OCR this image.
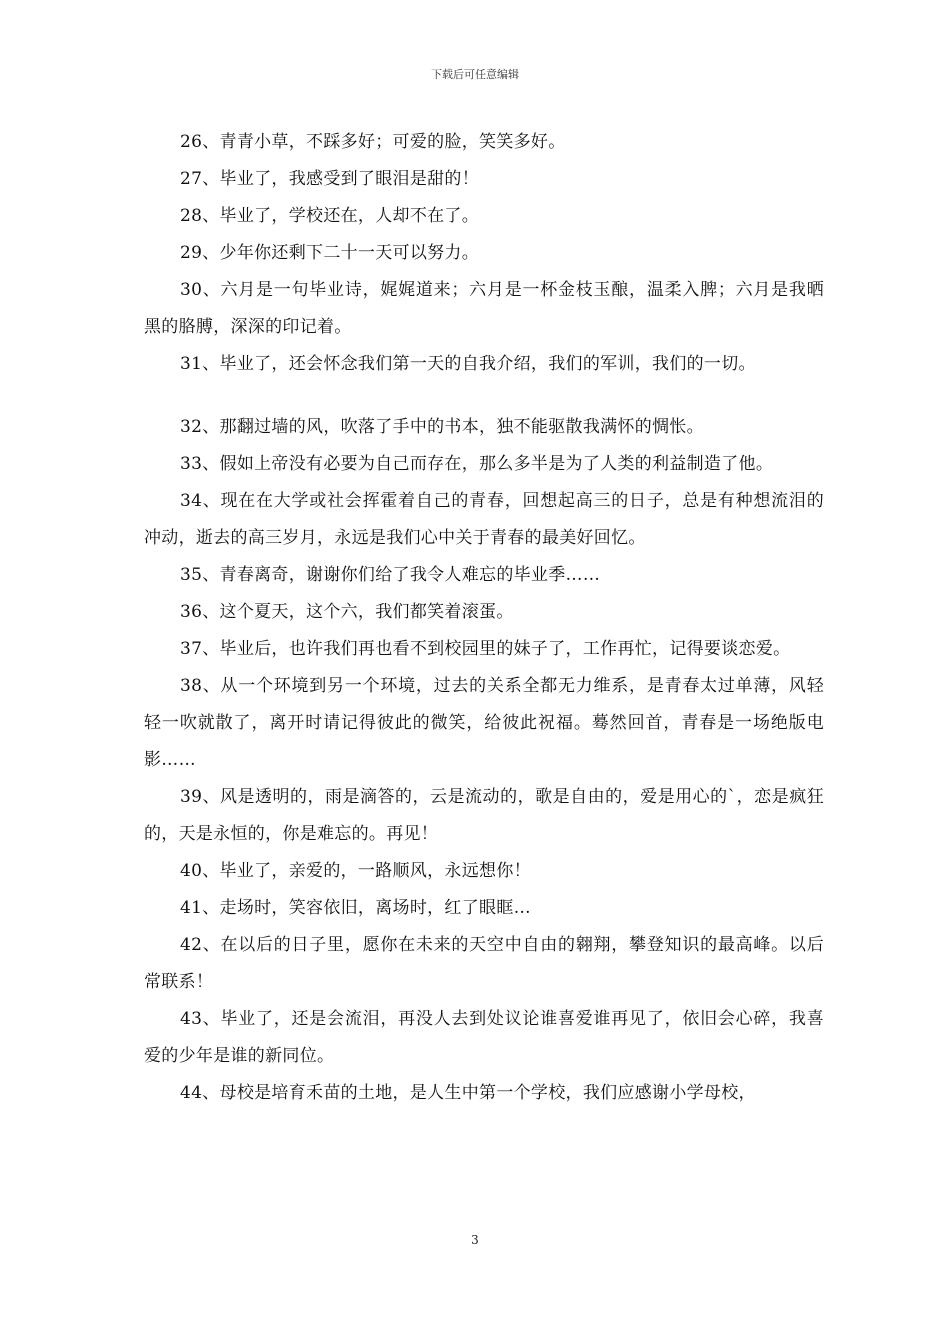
下载后可任意编辑

26、青青小草，不踩多好；可爱的脸，笑笑多好。

27、毕业了，我感受到了眼泪是甜的！

28、毕业了，学校还在，人却不在了。

29、少年你还剩下二十一天可以努力。

30、六月是一句毕业诗，娓娓道来；六月是一杯金枝玉酿，温柔入脾；六月是我晒黑的胳膊，深深的印记着。

31、毕业了，还会怀念我们第一天的自我介绍，我们的军训，我们的一切。

32、那翻过墙的风，吹落了手中的书本，独不能驱散我满怀的惆怅。

33、假如上帝没有必要为自己而存在，那么多半是为了人类的利益制造了他。

34、现在在大学或社会挥霍着自己的青春，回想起高三的日子，总是有种想流泪的冲动，逝去的高三岁月，永远是我们心中关于青春的最美好回忆。

35、青春离奇，谢谢你们给了我令人难忘的毕业季……

36、这个夏天，这个六，我们都笑着滚蛋。

37、毕业后，也许我们再也看不到校园里的妹子了，工作再忙，记得要谈恋爱。

38、从一个环境到另一个环境，过去的关系全都无力维系，是青春太过单薄，风轻轻一吹就散了，离开时请记得彼此的微笑，给彼此祝福。蓦然回首，青春是一场绝版电影……

39、风是透明的，雨是滴答的，云是流动的，歌是自由的，爱是用心的`，恋是疯狂的，天是永恒的，你是难忘的。再见！

40、毕业了，亲爱的，一路顺风，永远想你！

41、走场时，笑容依旧，离场时，红了眼眶…

42、在以后的日子里，愿你在未来的天空中自由的翱翔，攀登知识的最高峰。以后常联系！

43、毕业了，还是会流泪，再没人去到处议论谁喜爱谁再见了，依旧会心碎，我喜爱的少年是谁的新同位。

44、母校是培育禾苗的土地，是人生中第一个学校，我们应感谢小学母校，

3
